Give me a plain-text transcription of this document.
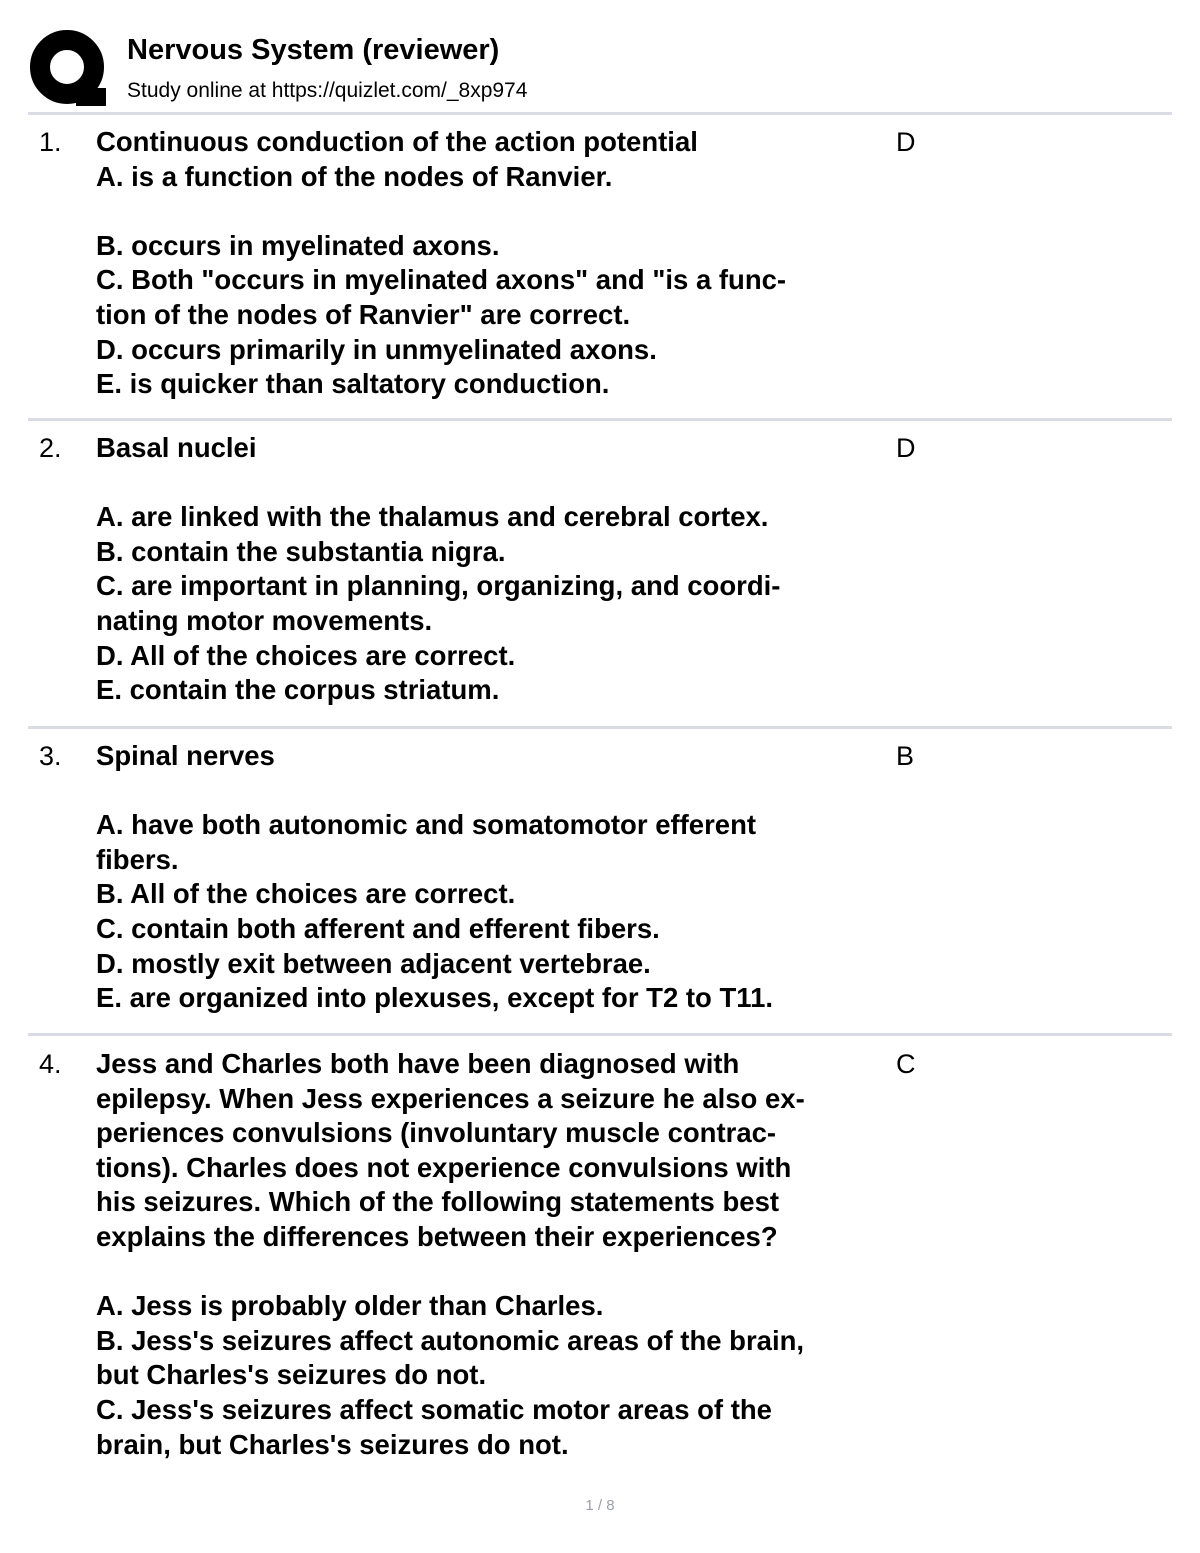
Nervous System (reviewer)
Study online at https://quizlet.com/_8xp974
1. Continuous conduction of the action potential
A. is a function of the nodes of Ranvier.

B. occurs in myelinated axons.
C. Both "occurs in myelinated axons" and "is a func-
tion of the nodes of Ranvier" are correct.
D. occurs primarily in unmyelinated axons.
E. is quicker than saltatory conduction.
D
2. Basal nuclei

A. are linked with the thalamus and cerebral cortex.
B. contain the substantia nigra.
C. are important in planning, organizing, and coordi-
nating motor movements.
D. All of the choices are correct.
E. contain the corpus striatum.
D
3. Spinal nerves

A. have both autonomic and somatomotor efferent
fibers.
B. All of the choices are correct.
C. contain both afferent and efferent fibers.
D. mostly exit between adjacent vertebrae.
E. are organized into plexuses, except for T2 to T11.
B
4. Jess and Charles both have been diagnosed with
epilepsy. When Jess experiences a seizure he also ex-
periences convulsions (involuntary muscle contrac-
tions). Charles does not experience convulsions with
his seizures. Which of the following statements best
explains the differences between their experiences?

A. Jess is probably older than Charles.
B. Jess's seizures affect autonomic areas of the brain,
but Charles's seizures do not.
C. Jess's seizures affect somatic motor areas of the
brain, but Charles's seizures do not.
C
1 / 8
